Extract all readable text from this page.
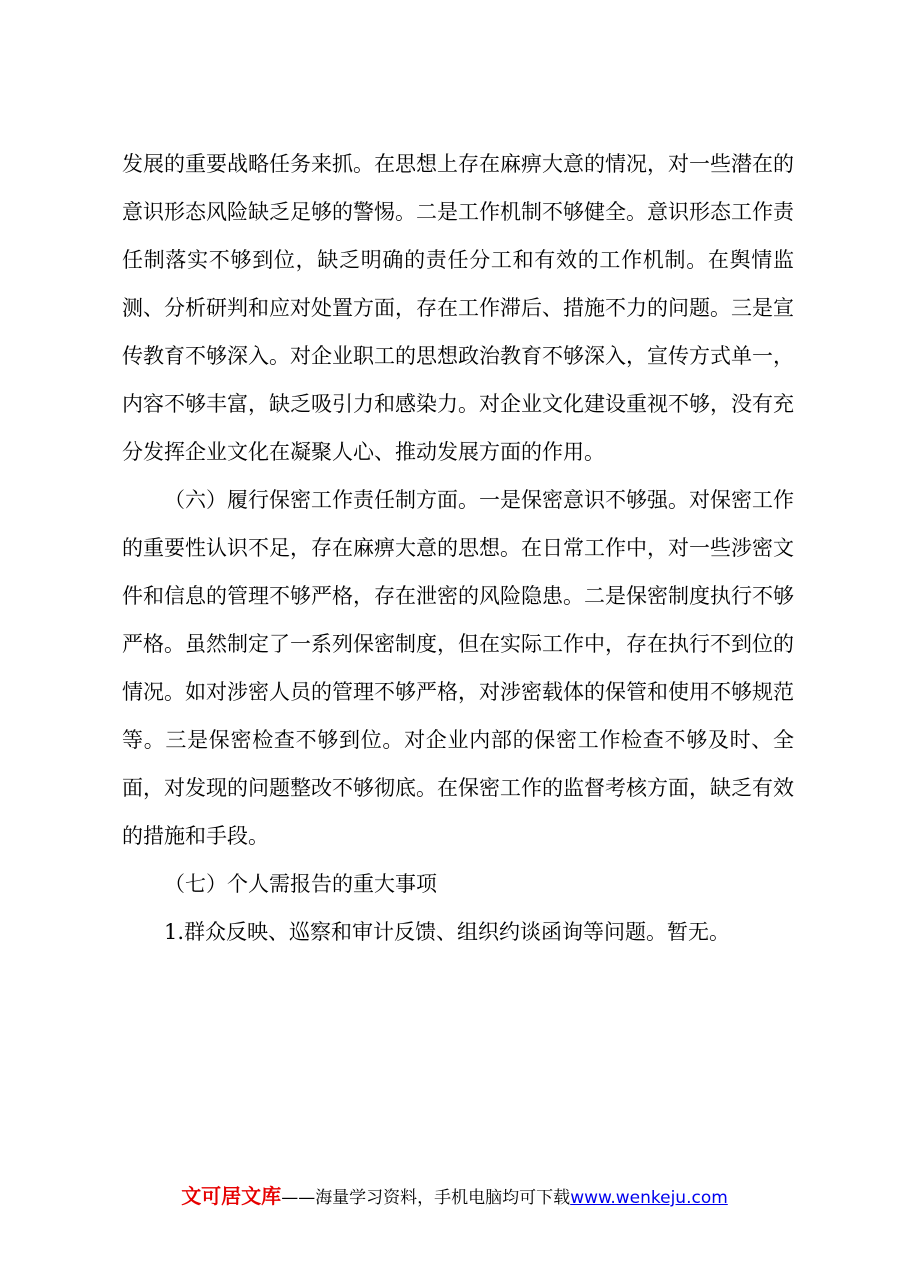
发展的重要战略任务来抓。在思想上存在麻痹大意的情况，对一些潜在的意识形态风险缺乏足够的警惕。二是工作机制不够健全。意识形态工作责任制落实不够到位，缺乏明确的责任分工和有效的工作机制。在舆情监测、分析研判和应对处置方面，存在工作滞后、措施不力的问题。三是宣传教育不够深入。对企业职工的思想政治教育不够深入，宣传方式单一，内容不够丰富，缺乏吸引力和感染力。对企业文化建设重视不够，没有充分发挥企业文化在凝聚人心、推动发展方面的作用。

（六）履行保密工作责任制方面。一是保密意识不够强。对保密工作的重要性认识不足，存在麻痹大意的思想。在日常工作中，对一些涉密文件和信息的管理不够严格，存在泄密的风险隐患。二是保密制度执行不够严格。虽然制定了一系列保密制度，但在实际工作中，存在执行不到位的情况。如对涉密人员的管理不够严格，对涉密载体的保管和使用不够规范等。三是保密检查不够到位。对企业内部的保密工作检查不够及时、全面，对发现的问题整改不够彻底。在保密工作的监督考核方面，缺乏有效的措施和手段。

（七）个人需报告的重大事项

1.群众反映、巡察和审计反馈、组织约谈函询等问题。暂无。

文可居文库——海量学习资料，手机电脑均可下载www.wenkeju.com
